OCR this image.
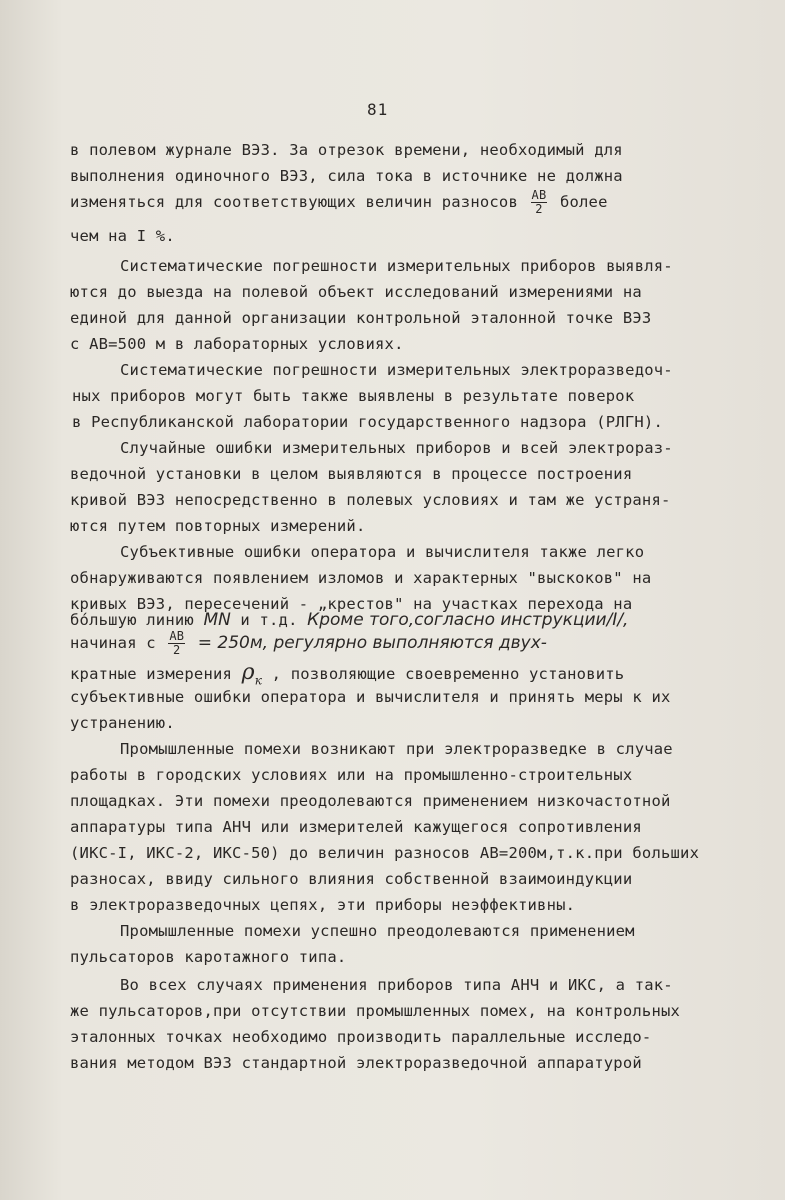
81
в полевом журнале ВЭЗ. За отрезок времени, необходимый для
выполнения одиночного ВЭЗ, сила тока в источнике не должна
изменяться для соответствующих величин разносов $\frac{AB}{2}$ более
чем на I %.
Систематические погрешности измерительных приборов выявля-
ются до выезда на полевой объект исследований измерениями на
единой для данной организации контрольной эталонной точке ВЭЗ
с АВ=500 м в лабораторных условиях.
Систематические погрешности измерительных электроразведоч-
ных приборов могут быть также выявлены в результате поверок
в Республиканской лаборатории государственного надзора (РЛГН).
Случайные ошибки измерительных приборов и всей электрораз-
ведочной установки в целом выявляются в процессе построения
кривой ВЭЗ непосредственно в полевых условиях и там же устраня-
ются путем повторных измерений.
Субъективные ошибки оператора и вычислителя также легко
обнаруживаются появлением изломов и характерных "выскоков" на
кривых ВЭЗ, пересечений - „крестов" на участках перехода на
бо́льшую линию MN и т.д. Кроме того,согласно инструкции/I/,
начиная с $\frac{AB}{2} = 250м$, регулярно выполняются двух-
кратные измерения $\rho_к$ , позволяющие своевременно установить
субъективные ошибки оператора и вычислителя и принять меры к их
устранению.
Промышленные помехи возникают при электроразведке в случае
работы в городских условиях или на промышленно-строительных
площадках. Эти помехи преодолеваются применением низкочастотной
аппаратуры типа АНЧ или измерителей кажущегося сопротивления
(ИКС-I, ИКС-2, ИКС-50) до величин разносов АВ=200м,т.к.при больших
разносах, ввиду сильного влияния собственной взаимоиндукции
в электроразведочных цепях, эти приборы неэффективны.
Промышленные помехи успешно преодолеваются применением
пульсаторов каротажного типа.
Во всех случаях применения приборов типа АНЧ и ИКС, а так-
же пульсаторов,при отсутствии промышленных помех, на контрольных
эталонных точках необходимо производить параллельные исследо-
вания методом ВЭЗ стандартной электроразведочной аппаратурой
